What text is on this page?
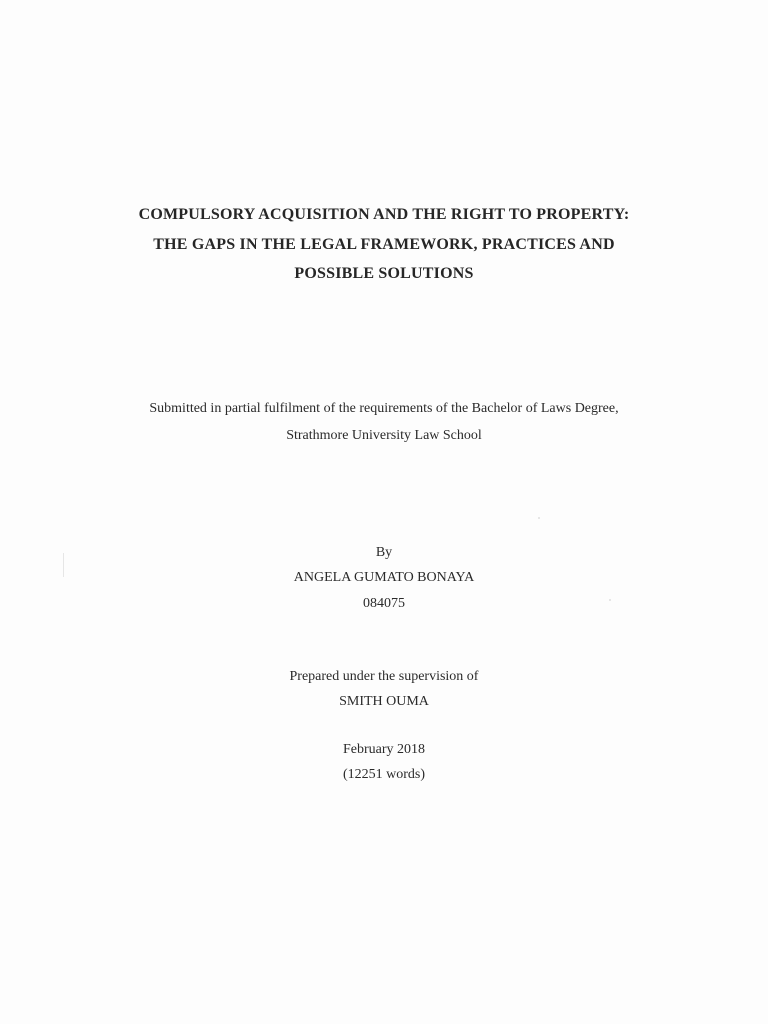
COMPULSORY ACQUISITION AND THE RIGHT TO PROPERTY:
THE GAPS IN THE LEGAL FRAMEWORK, PRACTICES AND
POSSIBLE SOLUTIONS
Submitted in partial fulfilment of the requirements of the Bachelor of Laws Degree,
Strathmore University Law School
By
ANGELA GUMATO BONAYA
084075
Prepared under the supervision of
SMITH OUMA
February 2018
(12251 words)
